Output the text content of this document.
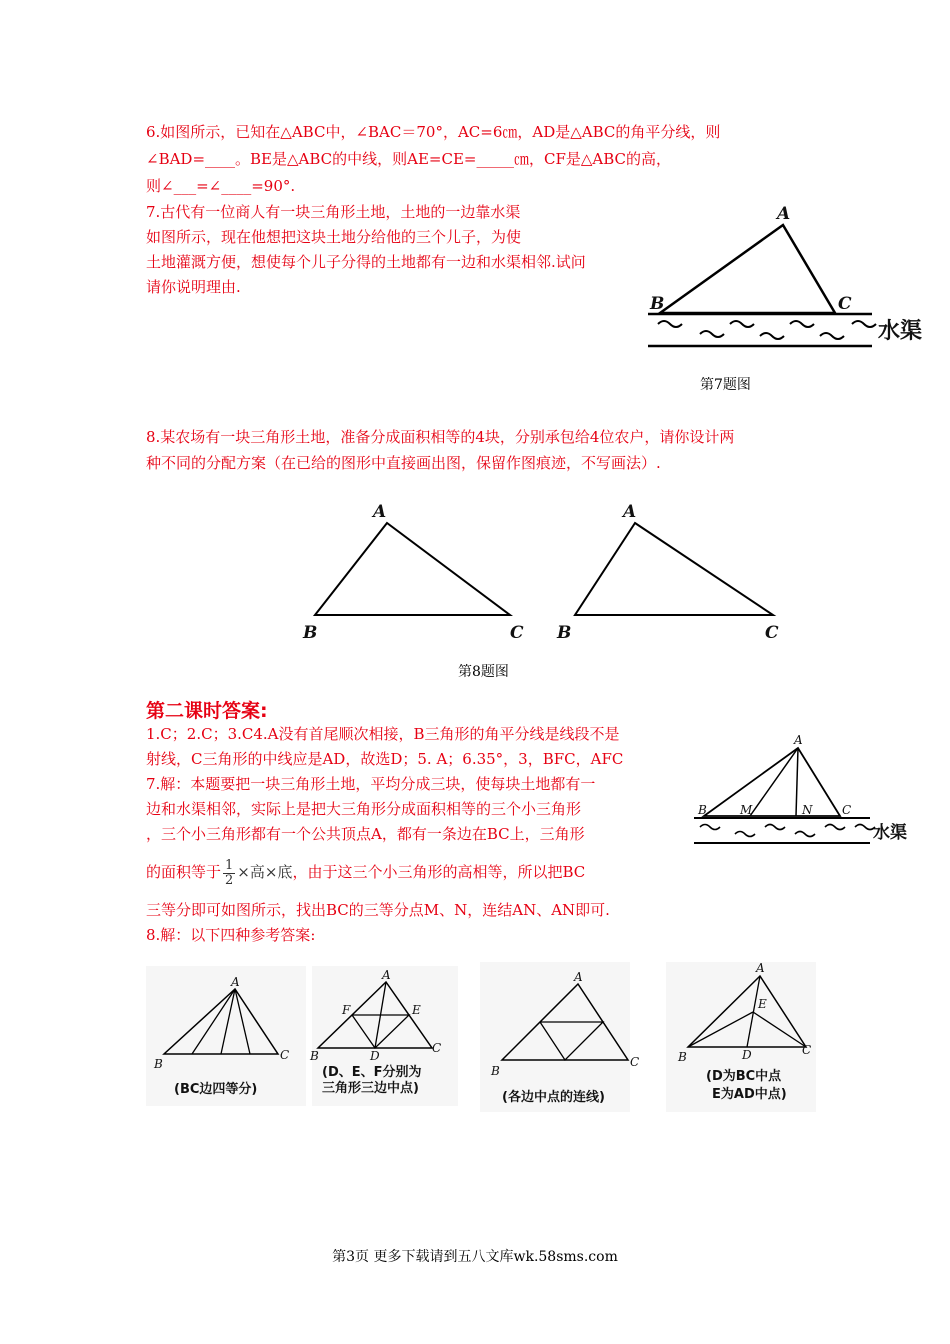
6.如图所示，已知在△ABC中，∠BAC＝70°，AC=6㎝，AD是△ABC的角平分线，则
∠BAD=____。BE是△ABC的中线，则AE=CE=_____㎝，CF是△ABC的高，
则∠___=∠____=90°.
7.古代有一位商人有一块三角形土地，土地的一边靠水渠
如图所示，现在他想把这块土地分给他的三个儿子，为使
土地灌溉方便，想使每个儿子分得的土地都有一边和水渠相邻.试问
请你说明理由.
A
B	C
水渠
第7题图
8.某农场有一块三角形土地，准备分成面积相等的4块，分别承包给4位农户，请你设计两
种不同的分配方案（在已给的图形中直接画出图，保留作图痕迹，不写画法）.
A
B	C
A
B	C
第8题图
第二课时答案:
1.C；2.C；3.C4.A没有首尾顺次相接，B三角形的角平分线是线段不是
射线，C三角形的中线应是AD，故选D；5. A；6.35°，3，BFC，AFC
7.解：本题要把一块三角形土地，平均分成三块，使每块土地都有一
边和水渠相邻，实际上是把大三角形分成面积相等的三个小三角形
，三个小三角形都有一个公共顶点A，都有一条边在BC上，三角形
的面积等于 $\frac{1}{2}$ ×高×底，由于这三个小三角形的高相等，所以把BC
三等分即可如图所示，找出BC的三等分点M、N，连结AN、AN即可.
8.解：以下四种参考答案:
A
B	M	N C
水渠
A
B
C
(BC边四等分)
A
F	E
B	D
C
(D、E、F分别为
三角形三边中点)
A
B
C
(各边中点的连线)
A
E
B	D	C
(D为BC中点
E为AD中点)
第3页 更多下载请到五八文库wk.58sms.com
